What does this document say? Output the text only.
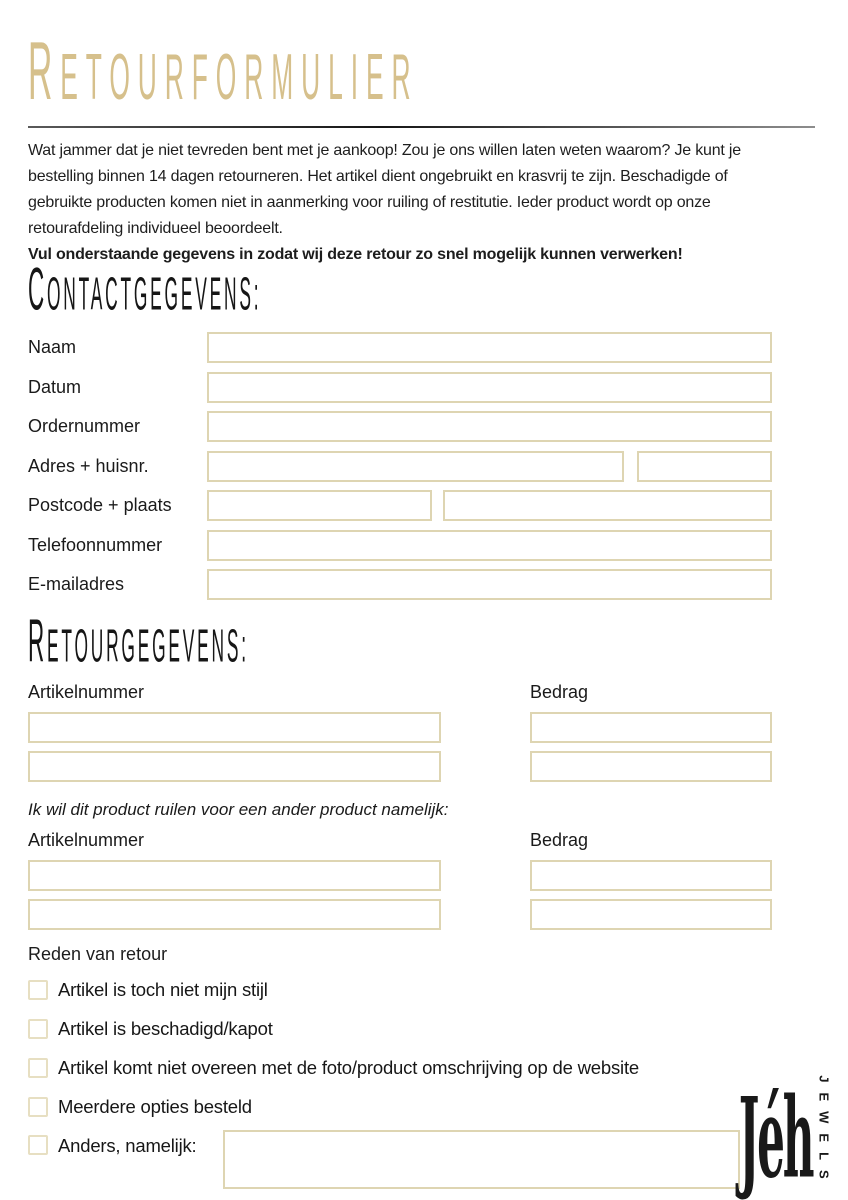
RETOURFORMULIER

Wat jammer dat je niet tevreden bent met je aankoop! Zou je ons willen laten weten waarom? Je kunt je bestelling binnen 14 dagen retourneren. Het artikel dient ongebruikt en krasvrij te zijn. Beschadigde of gebruikte producten komen niet in aanmerking voor ruiling of restitutie. Ieder product wordt op onze retourafdeling individueel beoordeelt.

Vul onderstaande gegevens in zodat wij deze retour zo snel mogelijk kunnen verwerken!

CONTACTGEGEVENS:
Naam
Datum
Ordernummer
Adres + huisnr.
Postcode + plaats
Telefoonnummer
E-mailadres
RETOURGEGEVENS:
Artikelnummer	Bedrag
Ik wil dit product ruilen voor een ander product namelijk:
Artikelnummer	Bedrag
Reden van retour
Artikel is toch niet mijn stijl
Artikel is beschadigd/kapot
Artikel komt niet overeen met de foto/product omschrijving op de website
Meerdere opties besteld
Anders, namelijk:	Jéh JEWELS
